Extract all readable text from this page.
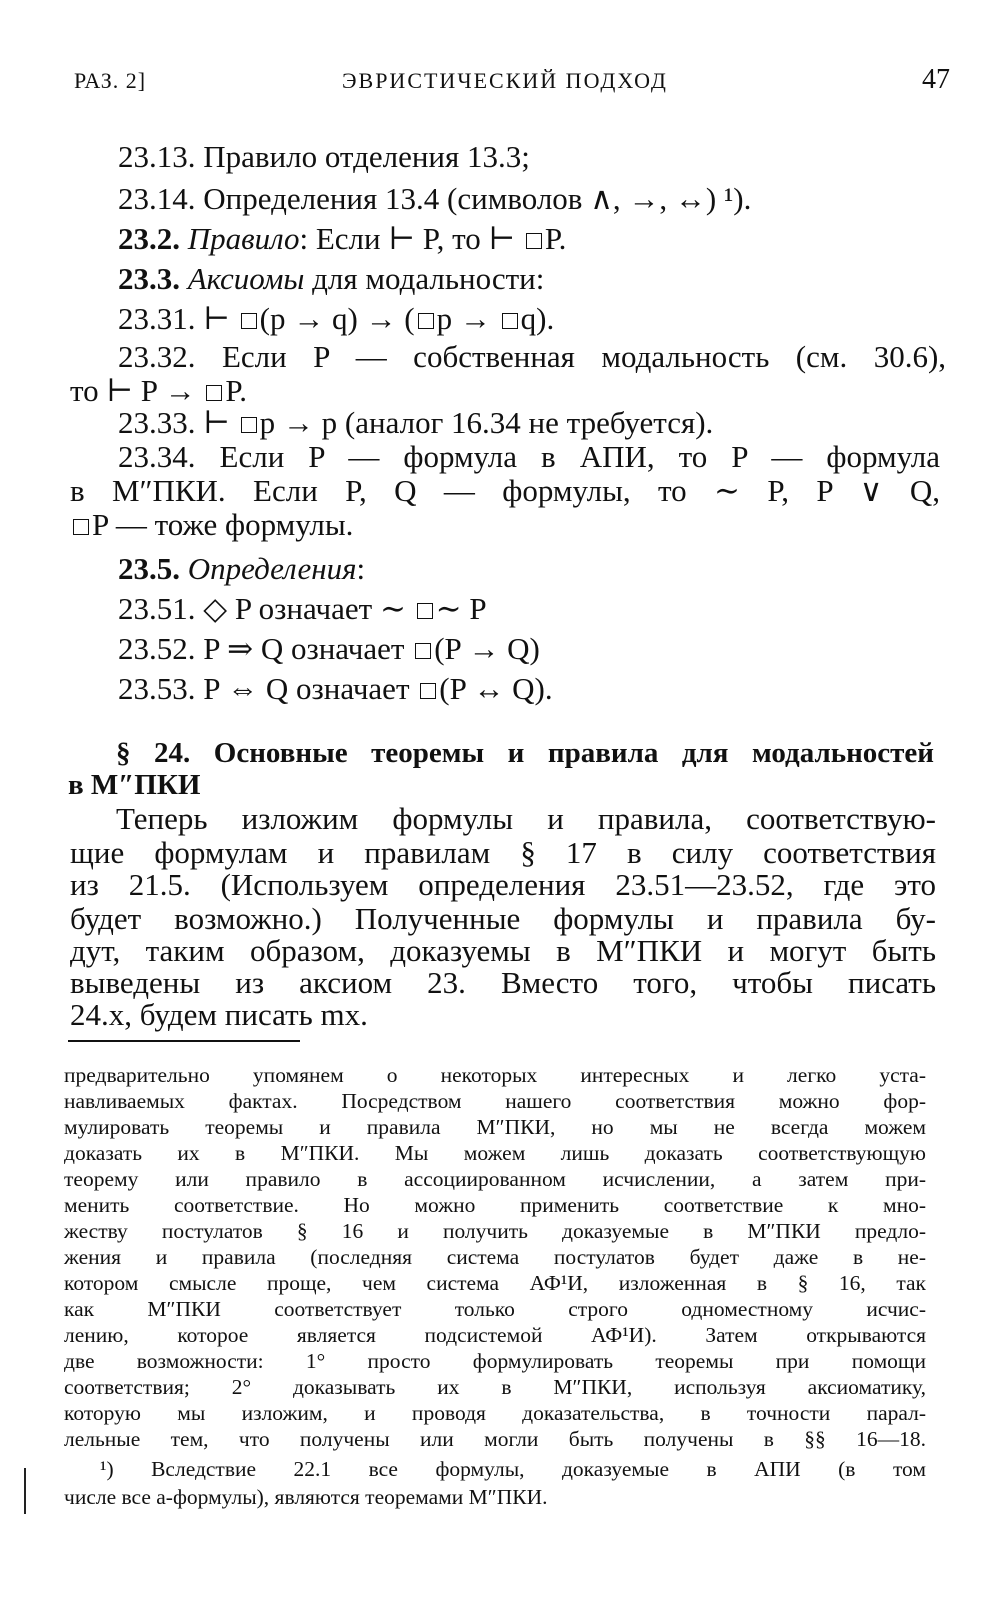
РАЗ. 2]	ЭВРИСТИЧЕСКИЙ ПОДХОД	47
23.13. Правило отделения 13.3;
23.14. Определения 13.4 (символов ∧, →, ↔) ¹).
23.2. Правило: Если ⊢ P, то ⊢ P.
23.3. Аксиомы для модальности:
23.31. ⊢ (p → q) → ( p → q).
23.32. Если P — собственная модальность (см. 30.6),
то ⊢ P → P.
23.33. ⊢ p → p (аналог 16.34 не требуется).
23.34. Если P — формула в АПИ, то P — формула
в M″ПКИ. Если P, Q — формулы, то ∼ P, P ∨ Q,
P — тоже формулы.
23.5. Определения:
23.51. ◇ P означает ∼ ∼ P
23.52. P ⇒ Q означает (P → Q)
23.53. P ⇔ Q означает (P ↔ Q).
§ 24. Основные теоремы и правила для модальностей
в M″ПКИ
Теперь изложим формулы и правила, соответствую-
щие формулам и правилам § 17 в силу соответствия
из 21.5. (Используем определения 23.51—23.52, где это
будет возможно.) Полученные формулы и правила бу-
дут, таким образом, доказуемы в M″ПКИ и могут быть
выведены из аксиом 23. Вместо того, чтобы писать
24.x, будем писать mx.
предварительно упомянем о некоторых интересных и легко уста-
навливаемых фактах. Посредством нашего соответствия можно фор-
мулировать теоремы и правила M″ПКИ, но мы не всегда можем
доказать их в M″ПКИ. Мы можем лишь доказать соответствующую
теорему или правило в ассоциированном исчислении, а затем при-
менить соответствие. Но можно применить соответствие к мно-
жеству постулатов § 16 и получить доказуемые в M″ПКИ предло-
жения и правила (последняя система постулатов будет даже в не-
котором смысле проще, чем система АФ¹И, изложенная в § 16, так
как M″ПКИ соответствует только строго одноместному исчис-
лению, которое является подсистемой АФ¹И). Затем открываются
две возможности: 1° просто формулировать теоремы при помощи
соответствия; 2° доказывать их в M″ПКИ, используя аксиоматику,
которую мы изложим, и проводя доказательства, в точности парал-
лельные тем, что получены или могли быть получены в §§ 16—18.
¹) Вследствие 22.1 все формулы, доказуемые в АПИ (в том
числе все a-формулы), являются теоремами M″ПКИ.
